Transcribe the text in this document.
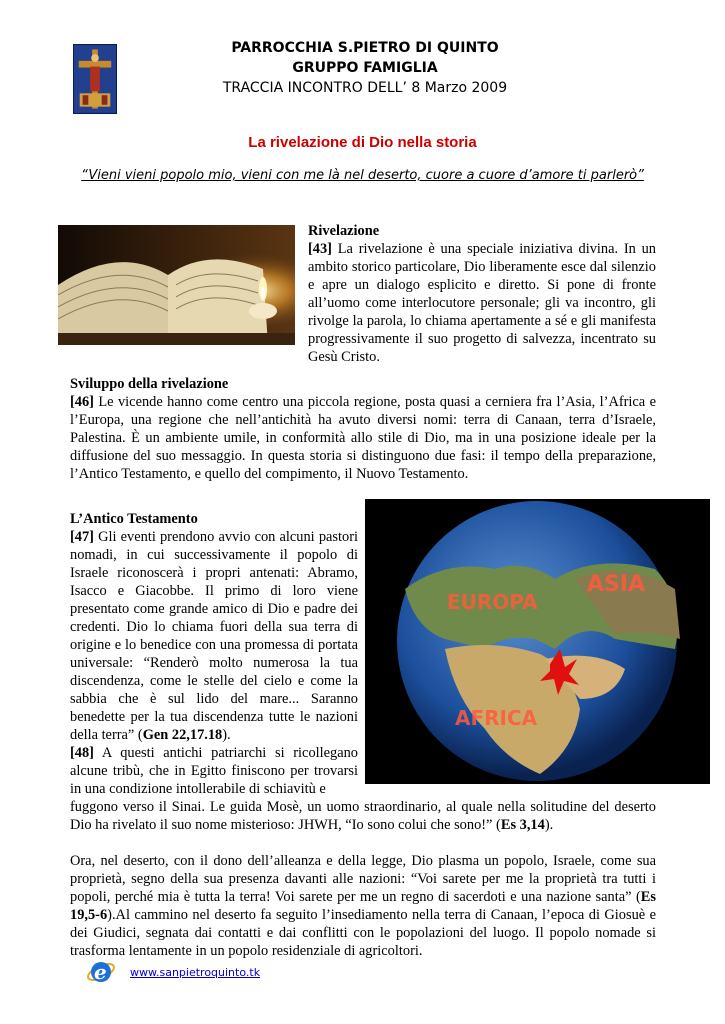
PARROCCHIA S.PIETRO DI QUINTO
GRUPPO FAMIGLIA
TRACCIA INCONTRO DELL’ 8 Marzo 2009
La rivelazione di Dio nella storia
“Vieni vieni popolo mio, vieni con me là nel deserto, cuore a cuore d’amore ti parlerò”

Rivelazione

[43] La rivelazione è una speciale iniziativa divina. In un ambito storico particolare, Dio liberamente esce dal silenzio e apre un dialogo esplicito e diretto. Si pone di fronte all’uomo come interlocutore personale; gli va incontro, gli rivolge la parola, lo chiama apertamente a sé e gli manifesta progressivamente il suo progetto di salvezza, incentrato su Gesù Cristo.

Sviluppo della rivelazione

[46] Le vicende hanno come centro una piccola regione, posta quasi a cerniera fra l’Asia, l’Africa e l’Europa, una regione che nell’antichità ha avuto diversi nomi: terra di Canaan, terra d’Israele, Palestina. È un ambiente umile, in conformità allo stile di Dio, ma in una posizione ideale per la diffusione del suo messaggio. In questa storia si distinguono due fasi: il tempo della preparazione, l’Antico Testamento, e quello del compimento, il Nuovo Testamento.

L’Antico Testamento

[47] Gli eventi prendono avvio con alcuni pastori nomadi, in cui successivamente il popolo di Israele riconoscerà i propri antenati: Abramo, Isacco e Giacobbe. Il primo di loro viene presentato come grande amico di Dio e padre dei credenti. Dio lo chiama fuori della sua terra di origine e lo benedice con una promessa di portata universale: “Renderò molto numerosa la tua discendenza, come le stelle del cielo e come la sabbia che è sul lido del mare... Saranno benedette per la tua discendenza tutte le nazioni della terra” (Gen 22,17.18).

ASIA
EUROPA
AFRICA

[48] A questi antichi patriarchi si ricollegano alcune tribù, che in Egitto finiscono per trovarsi in una condizione intollerabile di schiavitù e

fuggono verso il Sinai. Le guida Mosè, un uomo straordinario, al quale nella solitudine del deserto Dio ha rivelato il suo nome misterioso: JHWH, “Io sono colui che sono!” (Es 3,14).

Ora, nel deserto, con il dono dell’alleanza e della legge, Dio plasma un popolo, Israele, come sua proprietà, segno della sua presenza davanti alle nazioni: “Voi sarete per me la proprietà tra tutti i popoli, perché mia è tutta la terra! Voi sarete per me un regno di sacerdoti e una nazione santa” (Es 19,5-6).Al cammino nel deserto fa seguito l’insediamento nella terra di Canaan, l’epoca di Giosuè e dei Giudici, segnata dai contatti e dai conflitti con le popolazioni del luogo. Il popolo nomade si trasforma lentamente in un popolo residenziale di agricoltori.

e www.sanpietroquinto.tk
